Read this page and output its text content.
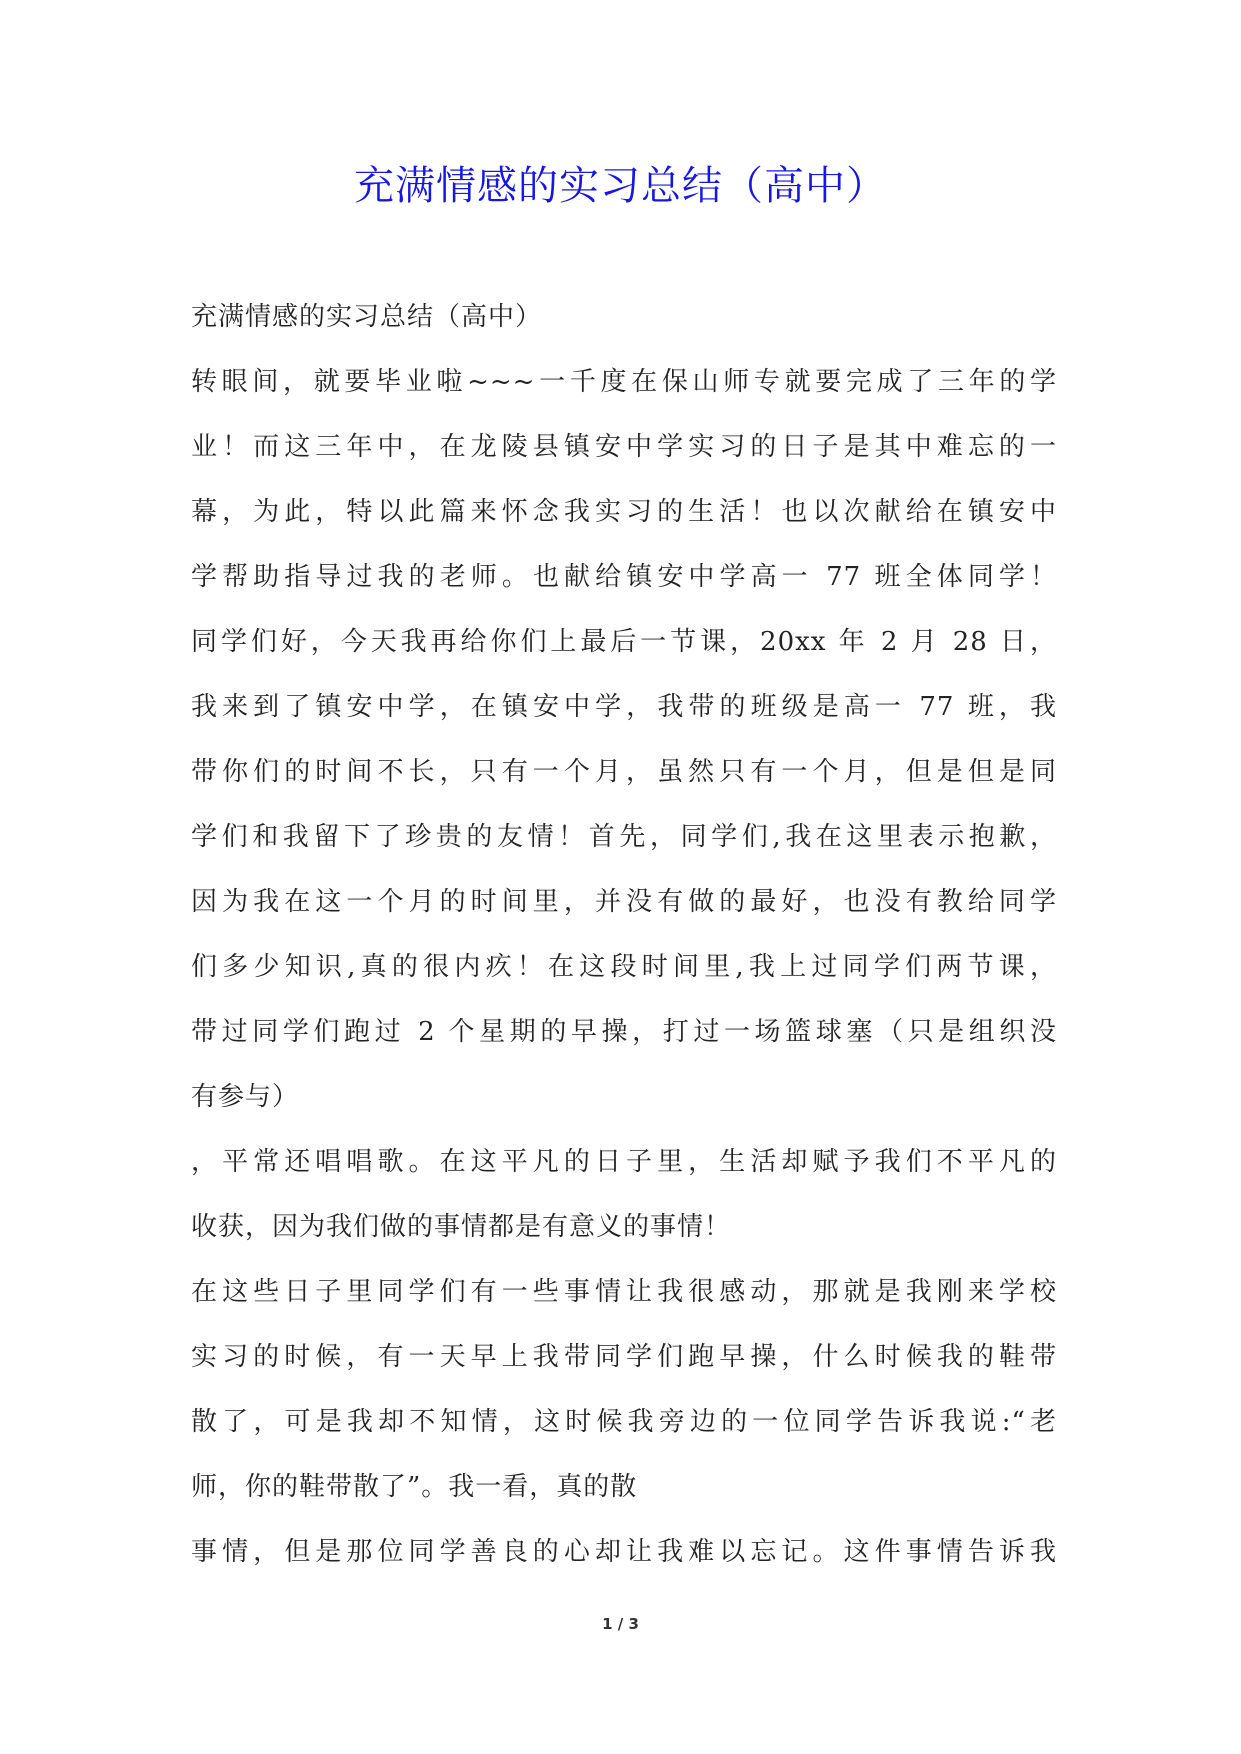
充满情感的实习总结（高中）
充满情感的实习总结（高中）
转眼间，就要毕业啦~~~一千度在保山师专就要完成了三年的学
业！而这三年中，在龙陵县镇安中学实习的日子是其中难忘的一
幕，为此，特以此篇来怀念我实习的生活！也以次献给在镇安中
学帮助指导过我的老师。也献给镇安中学高一 77 班全体同学！
同学们好，今天我再给你们上最后一节课，20xx 年 2 月 28 日，
我来到了镇安中学，在镇安中学，我带的班级是高一 77 班，我
带你们的时间不长，只有一个月，虽然只有一个月，但是但是同
学们和我留下了珍贵的友情！首先，同学们,我在这里表示抱歉，
因为我在这一个月的时间里，并没有做的最好，也没有教给同学
们多少知识,真的很内疚！在这段时间里,我上过同学们两节课，
带过同学们跑过 2 个星期的早操，打过一场篮球塞（只是组织没
有参与）
，平常还唱唱歌。在这平凡的日子里，生活却赋予我们不平凡的
收获，因为我们做的事情都是有意义的事情！
在这些日子里同学们有一些事情让我很感动，那就是我刚来学校
实习的时候，有一天早上我带同学们跑早操，什么时候我的鞋带
散了，可是我却不知情，这时候我旁边的一位同学告诉我说:“老
师，你的鞋带散了”。我一看，真的散
事情，但是那位同学善良的心却让我难以忘记。这件事情告诉我
1 / 3
